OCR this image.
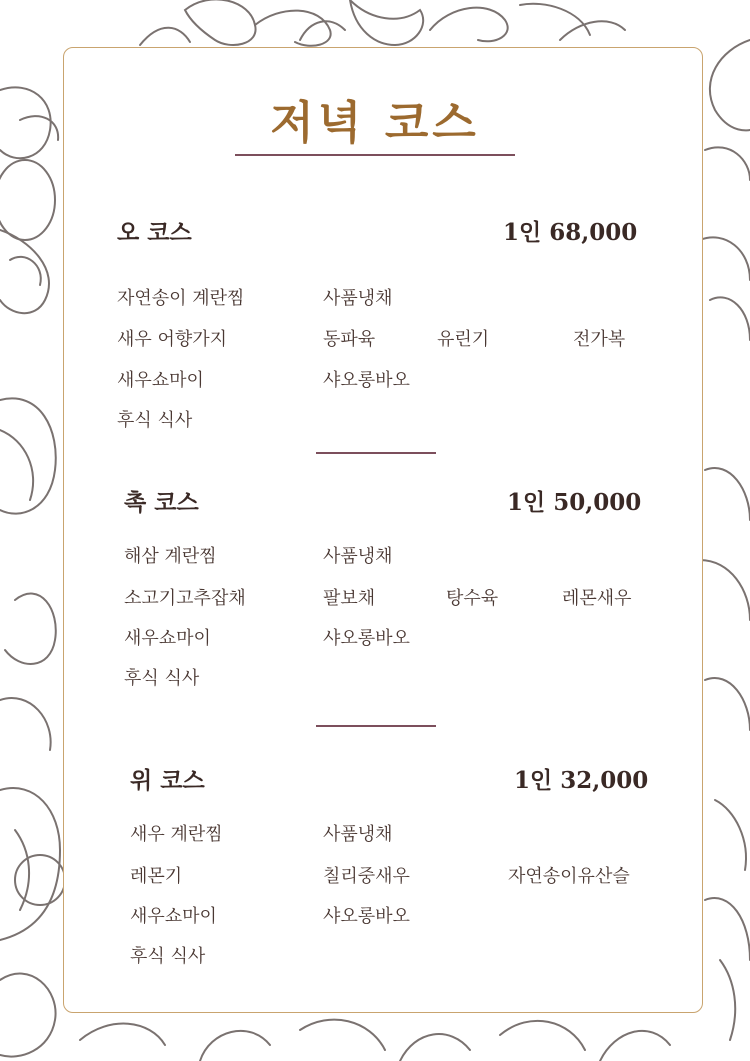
저녁 코스
오 코스	1인 68,000
자연송이 계란찜	사품냉채
새우 어향가지	동파육	유린기	전가복
새우쇼마이	샤오롱바오
후식 식사
촉 코스	1인 50,000
해삼 계란찜	사품냉채
소고기고추잡채	팔보채	탕수육	레몬새우
새우쇼마이	샤오롱바오
후식 식사
위 코스	1인 32,000
새우 계란찜	사품냉채
레몬기	칠리중새우	자연송이유산슬
새우쇼마이	샤오롱바오
후식 식사
